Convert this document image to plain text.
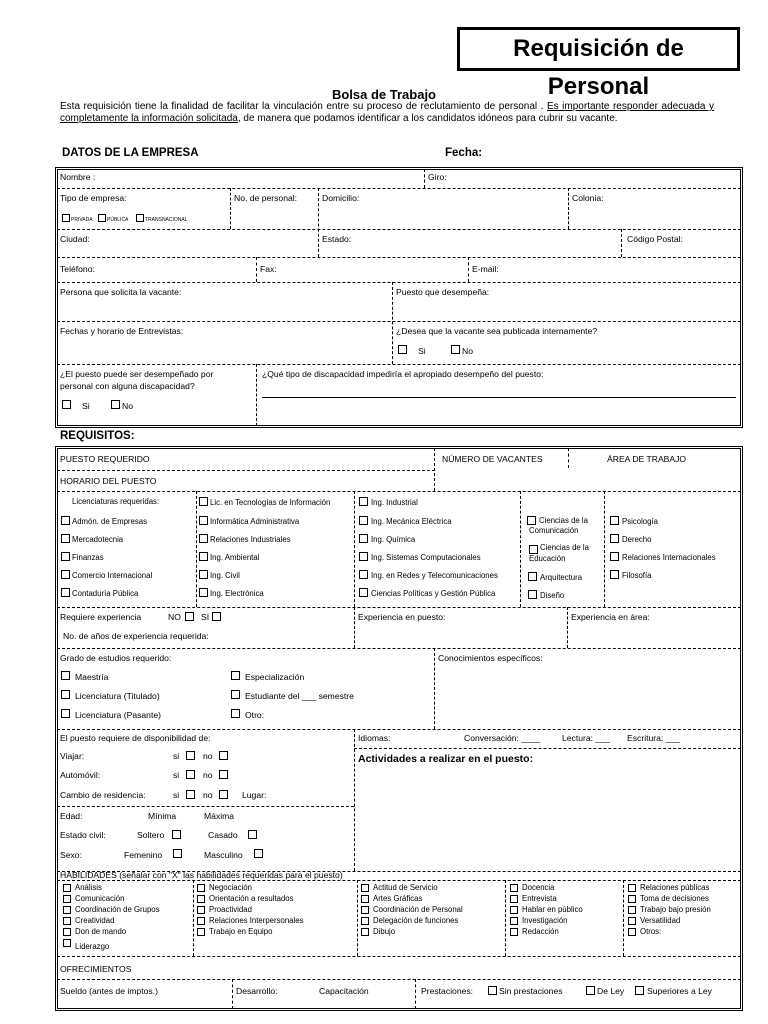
Requisición de Personal
Bolsa de Trabajo
Esta requisición tiene la finalidad de facilitar la vinculación entre su proceso de reclutamiento de personal . Es importante responder adecuada y completamente la información solicitada, de manera que podamos identificar a los candidatos idóneos para cubrir su vacante.
DATOS DE LA EMPRESA	Fecha:
Nombre :	Giro:
Tipo de empresa:
PRIVADA	PÚBLICA	TRANSNACIONAL
No. de personal:	Domicilio:	Colonia:
Ciudad:	Estado:	Código Postal:
Teléfono:	Fax:	E-mail:
Persona que solicita la vacante:	Puesto que desempeña:
Fechas y horario de Entrevistas:	¿Desea que la vacante sea publicada internamente?
Si	No
¿El puesto puede ser desempeñado por
personal con alguna discapacidad?
Si	No
¿Qué tipo de discapacidad impediría el apropiado desempeño del puesto:
REQUISITOS:
PUESTO REQUERIDO	NÚMERO DE VACANTES	ÁREA DE TRABAJO
HORARIO DEL PUESTO
Licenciaturas requeridas:
Admón. de Empresas
Mercadotecnia
Finanzas
Comercio Internacional
Contaduría Pública
Lic. en Tecnologías de Información
Informática Administrativa
Relaciones Industriales
Ing. Ambiental
Ing. Civil
Ing. Electrónica
Ing. Industrial
Ing. Mecánica Eléctrica
Ing. Química
Ing. Sistemas Computacionales
Ing. en Redes y Telecomunicaciones
Ciencias Políticas y Gestión Pública
Ciencias de la
Comunicación
Ciencias de la
Educación
Arquitectura
Diseño
Psicología
Derecho
Relaciones Internacionales
Filosofía
Requiere experiencia	NO SI
No. de años de experiencia requerida:
Experiencia en puesto:	Experiencia en área:
Grado de estudios requerido:
Maestría
Licenciatura (Titulado)
Licenciatura (Pasante)
Especialización
Estudiante del ___ semestre
Otro:
Conocimientos específicos:
El puesto requiere de disponibilidad de:
Viajar:	si	no
Automóvil:	si	no
Cambio de residencia:	si	no	Lugar:
Idiomas:	Conversación: ____	Lectura: ___ Escritura: ___
Actividades a realizar en el puesto:
Edad:	Mínima	Máxima
Estado civil:	Soltero	Casado
Sexo:	Femenino	Masculino
HABILIDADES (señalar con "X" las habilidades requeridas para el puesto)
Análisis
Comunicación
Coordinación de Grupos
Creatividad
Don de mando
Liderazgo
Negociación
Orientación a resultados
Proactividad
Relaciones Interpersonales
Trabajo en Equipo
Actitud de Servicio
Artes Gráficas
Coordinación de Personal
Delegación de funciones
Dibujo
Docencia
Entrevista
Hablar en público
Investigación
Redacción
Relaciones públicas
Toma de decisiones
Trabajo bajo presión
Versatilidad
Otros:
OFRECIMIENTOS
Sueldo (antes de imptos.)	Desarrollo:	Capacitación	Prestaciones:	Sin prestaciones	De Ley	Superiores a Ley
